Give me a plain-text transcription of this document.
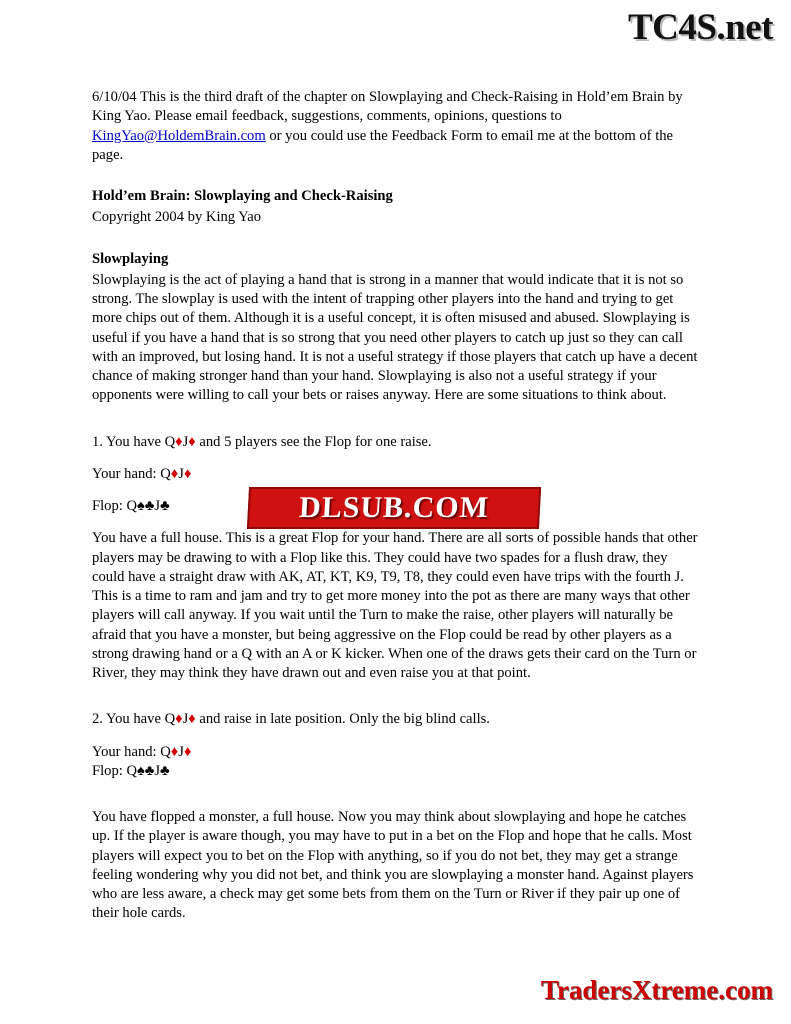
TC4S.net

6/10/04 This is the third draft of the chapter on Slowplaying and Check-Raising in Hold’em Brain by King Yao. Please email feedback, suggestions, comments, opinions, questions to KingYao@HoldemBrain.com or you could use the Feedback Form to email me at the bottom of the page.

Hold’em Brain: Slowplaying and Check-Raising

Copyright 2004 by King Yao

Slowplaying

Slowplaying is the act of playing a hand that is strong in a manner that would indicate that it is not so strong. The slowplay is used with the intent of trapping other players into the hand and trying to get more chips out of them. Although it is a useful concept, it is often misused and abused. Slowplaying is useful if you have a hand that is so strong that you need other players to catch up just so they can call with an improved, but losing hand. It is not a useful strategy if those players that catch up have a decent chance of making stronger hand than your hand. Slowplaying is also not a useful strategy if your opponents were willing to call your bets or raises anyway. Here are some situations to think about.

1. You have Q♦J♦ and 5 players see the Flop for one raise.

Your hand: Q♦J♦

Flop: Q♠♣J♣

You have a full house. This is a great Flop for your hand. There are all sorts of possible hands that other players may be drawing to with a Flop like this. They could have two spades for a flush draw, they could have a straight draw with AK, AT, KT, K9, T9, T8, they could even have trips with the fourth J. This is a time to ram and jam and try to get more money into the pot as there are many ways that other players will call anyway. If you wait until the Turn to make the raise, other players will naturally be afraid that you have a monster, but being aggressive on the Flop could be read by other players as a strong drawing hand or a Q with an A or K kicker. When one of the draws gets their card on the Turn or River, they may think they have drawn out and even raise you at that point.

2. You have Q♦J♦ and raise in late position. Only the big blind calls.

Your hand: Q♦J♦

Flop: Q♠♣J♣

You have flopped a monster, a full house. Now you may think about slowplaying and hope he catches up. If the player is aware though, you may have to put in a bet on the Flop and hope that he calls. Most players will expect you to bet on the Flop with anything, so if you do not bet, they may get a strange feeling wondering why you did not bet, and think you are slowplaying a monster hand. Against players who are less aware, a check may get some bets from them on the Turn or River if they pair up one of their hole cards.

DLSUB.COM
TradersXtreme.com
